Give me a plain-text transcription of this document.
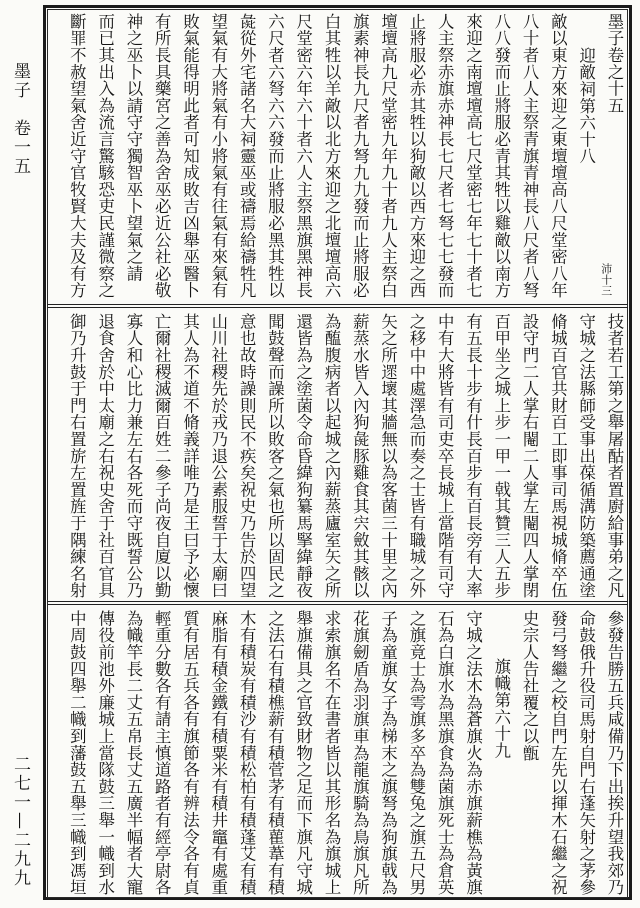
墨子　卷一五
二七一—二九九
墨子卷之十五
沛十三
迎敵祠第六十八
敵以東方來迎之東壇壇高八尺堂密八年
八十者八人主祭青旗青神長八尺者八弩
八八發而止將服必青其牲以雞敵以南方
來迎之南壇壇高七尺堂密七年七十者七
人主祭赤旗赤神長七尺者七弩七七發而
止將服必赤其牲以狗敵以西方來迎之西
壇壇高九尺堂密九年九十者九人主祭白
旗素神長九尺者九弩九九發而止將服必
白其牲以羊敵以北方來迎之北壇壇高六
尺堂密六年六十者六人主祭黑旗黑神長
六尺者六弩六六發而止將服必黑其牲以
彘從外宅諸名大祠靈巫或禱焉給禱牲凡
望氣有大將氣有小將氣有往氣有來氣有
敗氣能得明此者可知成敗吉凶舉巫醫卜
有所長具藥宮之善為舍巫必近公社必敬
神之巫卜以請守守獨智巫卜望氣之請
而已其出入為流言驚駭恐吏民謹微察之
斷罪不赦望氣舍近守官牧賢大夫及有方
技者若工第之舉屠酤者置廚給事弟之凡
守城之法縣師受事出葆循溝防築薦通塗
脩城百官共財百工即事司馬視城脩卒伍
設守門二人掌右閹二人掌左閹四人掌閉
百甲坐之城上步一甲一戟其贊三人五步
有五長十步有什長百步有百長旁有大率
中有大將皆有司吏卒長城上當階有司守
之移中中處澤急而奏之士皆有職城之外
矢之所遝壞其牆無以為客菌三十里之內
薪蒸水皆入內狗彘豚雞食其宍斂其骸以
為醢腹病者以起城之內薪蒸廬室矢之所
還皆為之塗菌令命昏緯狗纂馬掔緯靜夜
聞鼓聲而譟所以敗客之氣也所以固民之
意也故時譟則民不疾矣祝史乃告於四望
山川社稷先於戎乃退公素服誓于太廟曰
其人為不道不脩義詳唯乃是王曰予必懷
亡爾社稷滅爾百姓二參子尚夜自廈以勤
寡人和心比力兼左右各死而守既誓公乃
退食舍於中太廟之右祝史舍于社百官具
御乃升鼓于門右置旂左置旌于隅練名射
參發告勝五兵咸備乃下出挨升望我郊乃
命鼓俄升役司馬射自門右蓬矢射之茅參
發弓弩繼之校自門左先以揮木石繼之祝
史宗人告社覆之以甑
旗幟第六十九
守城之法木為蒼旗火為赤旗薪樵為黃旗
石為白旗水為黑旗食為菌旗死士為倉英
之旗竟士為雩旗多卒為雙兔之旗五尺男
子為童旗女子為梯末之旗弩為狗旗戟為
花旗劒盾為羽旗車為龍旗騎為鳥旗凡所
求索旗名不在書者皆以其形名為旗城上
舉旗備具之官致財物之足而下旗凡守城
之法石有積樵薪有積菅茅有積雚葦有積
木有積炭有積沙有積松柏有積蓬艾有積
麻脂有積金鐵有積粟米有積井竈有處重
質有居五兵各有旗節各有辨法令各有貞
輕重分數各有請主慎道路者有經亭尉各
為幟竿長二丈五帛長丈五廣半幅者大寵
傳役前池外廉城上當隊鼓三舉一幟到水
中周鼓四舉二幟到藩鼓五舉三幟到馮垣
